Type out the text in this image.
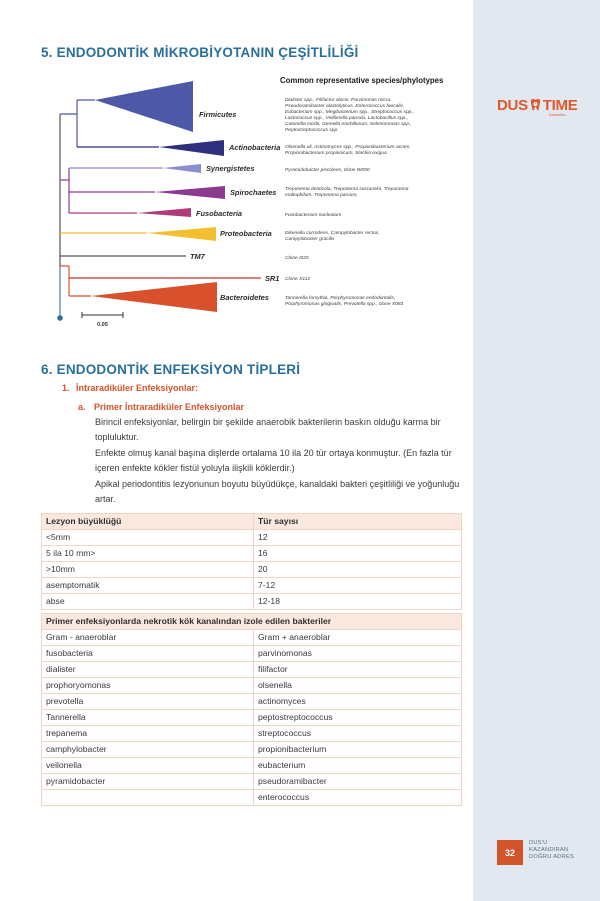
DUS TIME
Kazandırır...
5. ENDODONTİK MİKROBİYOTANIN ÇEŞİTLİLİĞİ
Firmicutes
Actinobacteria
Synergistetes
Spirochaetes
Fusobacteria
Proteobacteria
TM7
SR1
Bacteroidetes
Common representative species/phylotypes
Dialister spp., Filifactor alocis, Parvimonas micra,
Pseudoramibacter alactolyticus, Enterococcus faecalis,
Eubacterium spp., Megibacterium spp., Streptococcus spp.,
Lactococcus spp., Veillonella parvula, Lactobacillus spp.,
Catonella morbi, Gemella morbillorum, Selenomonas spp.,
Peptostreptococcus spp.
Olsenella uli, Actinomyces spp., Propionibacterium acnes,
Propionibacterium propionicum, Slackia exigua
Pyramidobacter piscolens, clone W090
Treponema denticola, Treponema socranskii, Treponema
maltophilum, Treponema parvum,
Fusobacterium nucleatum
Eikenella corrodens, Campylobacter rectus,
Campylobacter gracilis
Clone I025
Clone X112
Tannerella forsythia, Porphyromonas endodontalis,
Porphyromonas gingivalis, Prevotella spp., clone X083
0.05
6. ENDODONTİK ENFEKSİYON TİPLERİ
1. İntraradiküler Enfeksiyonlar:
a. Primer İntraradiküler Enfeksiyonlar

Birincil enfeksiyonlar, belirgin bir şekilde anaerobik bakterilerin baskın olduğu karma bir topluluktur.

Enfekte olmuş kanal başına dişlerde ortalama 10 ila 20 tür ortaya konmuştur. (En fazla tür içeren enfekte kökler fistül yoluyla ilişkili köklerdir.)

Apikal periodontitis lezyonunun boyutu büyüdükçe, kanaldaki bakteri çeşitliliği ve yoğunluğu artar.

Lezyon büyüklüğü	Tür sayısı
<5mm	12
5 ila 10 mm>	16
>10mm	20
asemptomatik	7-12
abse	12-18
Primer enfeksiyonlarda nekrotik kök kanalından izole edilen bakteriler	
Gram - anaeroblar	Gram + anaeroblar
fusobacteria	parvinomonas
dialister	filifactor
prophoryomonas	olsenella
prevotella	actinomyces
Tannerella	peptostreptococcus
trepanema	streptococcus
camphylobacter	propionibacterium
veilonella	eubacterium
pyramidobacter	pseudoramibacter
	enterococcus
32
DUS'U
KAZANDIRAN
DOĞRU ADRES
